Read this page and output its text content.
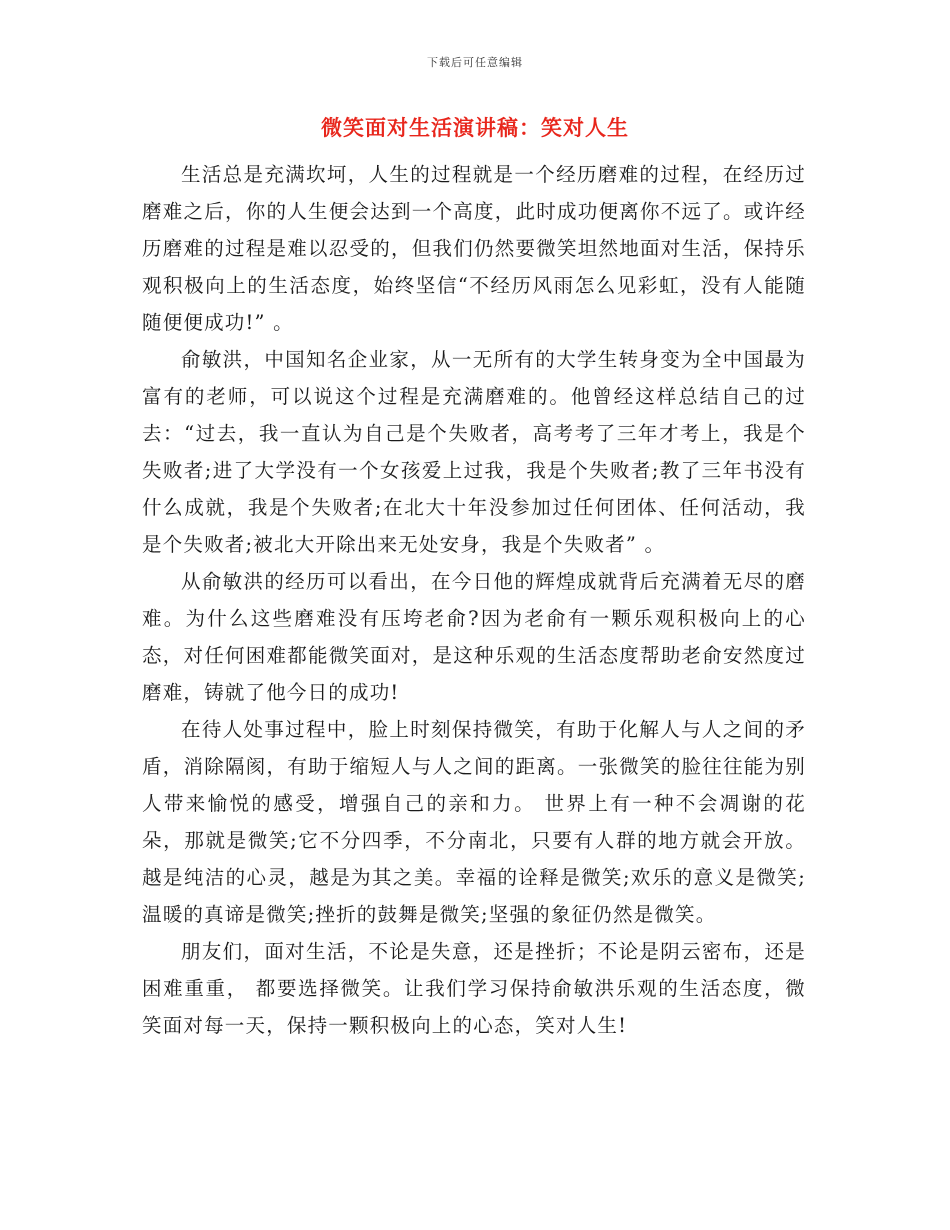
下载后可任意编辑
微笑面对生活演讲稿：笑对人生

生活总是充满坎坷，人生的过程就是一个经历磨难的过程，在经历过磨难之后，你的人生便会达到一个高度，此时成功便离你不远了。或许经历磨难的过程是难以忍受的，但我们仍然要微笑坦然地面对生活，保持乐观积极向上的生活态度，始终坚信“不经历风雨怎么见彩虹，没有人能随随便便成功!” 。

俞敏洪，中国知名企业家，从一无所有的大学生转身变为全中国最为富有的老师，可以说这个过程是充满磨难的。他曾经这样总结自己的过去：“过去，我一直认为自己是个失败者，高考考了三年才考上，我是个失败者;进了大学没有一个女孩爱上过我，我是个失败者;教了三年书没有什么成就，我是个失败者;在北大十年没参加过任何团体、任何活动，我是个失败者;被北大开除出来无处安身，我是个失败者” 。

从俞敏洪的经历可以看出，在今日他的辉煌成就背后充满着无尽的磨难。为什么这些磨难没有压垮老俞?因为老俞有一颗乐观积极向上的心态，对任何困难都能微笑面对，是这种乐观的生活态度帮助老俞安然度过磨难，铸就了他今日的成功!

在待人处事过程中，脸上时刻保持微笑，有助于化解人与人之间的矛盾，消除隔阂，有助于缩短人与人之间的距离。一张微笑的脸往往能为别人带来愉悦的感受，增强自己的亲和力。 世界上有一种不会凋谢的花朵，那就是微笑;它不分四季，不分南北，只要有人群的地方就会开放。越是纯洁的心灵，越是为其之美。幸福的诠释是微笑;欢乐的意义是微笑;温暖的真谛是微笑;挫折的鼓舞是微笑;坚强的象征仍然是微笑。

朋友们，面对生活，不论是失意，还是挫折；不论是阴云密布，还是困难重重， 都要选择微笑。让我们学习保持俞敏洪乐观的生活态度，微笑面对每一天，保持一颗积极向上的心态，笑对人生!
